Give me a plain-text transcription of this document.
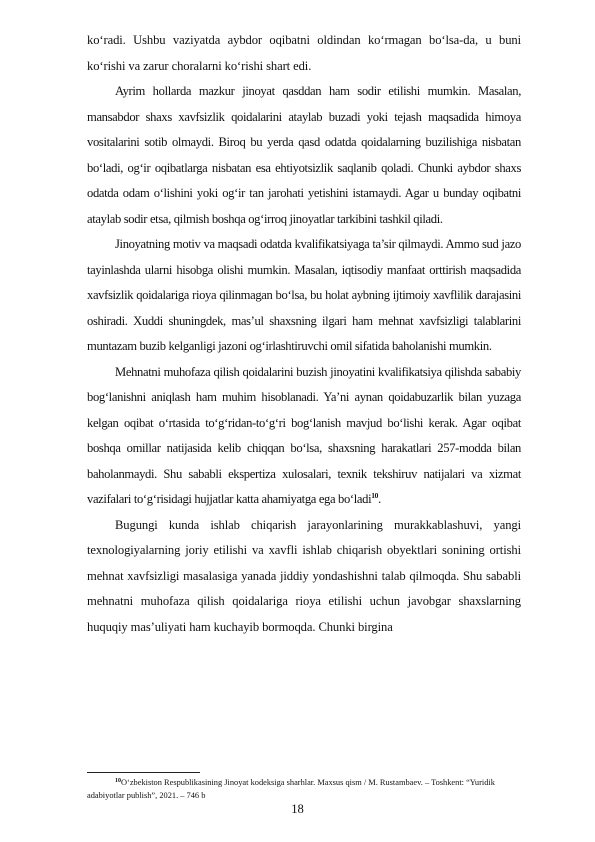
ko‘radi. Ushbu vaziyatda aybdor oqibatni oldindan ko‘rmagan bo‘lsa-da, u buni ko‘rishi va zarur choralarni ko‘rishi shart edi.

Ayrim hollarda mazkur jinoyat qasddan ham sodir etilishi mumkin. Masalan, mansabdor shaxs xavfsizlik qoidalarini ataylab buzadi yoki tejash maqsadida himoya vositalarini sotib olmaydi. Biroq bu yerda qasd odatda qoidalarning buzilishiga nisbatan bo‘ladi, og‘ir oqibatlarga nisbatan esa ehtiyotsizlik saqlanib qoladi. Chunki aybdor shaxs odatda odam o‘lishini yoki og‘ir tan jarohati yetishini istamaydi. Agar u bunday oqibatni ataylab sodir etsa, qilmish boshqa og‘irroq jinoyatlar tarkibini tashkil qiladi.

Jinoyatning motiv va maqsadi odatda kvalifikatsiyaga ta’sir qilmaydi. Ammo sud jazo tayinlashda ularni hisobga olishi mumkin. Masalan, iqtisodiy manfaat orttirish maqsadida xavfsizlik qoidalariga rioya qilinmagan bo‘lsa, bu holat aybning ijtimoiy xavflilik darajasini oshiradi. Xuddi shuningdek, mas’ul shaxsning ilgari ham mehnat xavfsizligi talablarini muntazam buzib kelganligi jazoni og‘irlashtiruvchi omil sifatida baholanishi mumkin.

Mehnatni muhofaza qilish qoidalarini buzish jinoyatini kvalifikatsiya qilishda sababiy bog‘lanishni aniqlash ham muhim hisoblanadi. Ya’ni aynan qoidabuzarlik bilan yuzaga kelgan oqibat o‘rtasida to‘g‘ridan-to‘g‘ri bog‘lanish mavjud bo‘lishi kerak. Agar oqibat boshqa omillar natijasida kelib chiqqan bo‘lsa, shaxsning harakatlari 257-modda bilan baholanmaydi. Shu sababli ekspertiza xulosalari, texnik tekshiruv natijalari va xizmat vazifalari to‘g‘risidagi hujjatlar katta ahamiyatga ega bo‘ladi$^{10}$.

Bugungi kunda ishlab chiqarish jarayonlarining murakkablashuvi, yangi texnologiyalarning joriy etilishi va xavfli ishlab chiqarish obyektlari sonining ortishi mehnat xavfsizligi masalasiga yanada jiddiy yondashishni talab qilmoqda. Shu sababli mehnatni muhofaza qilish qoidalariga rioya etilishi uchun javobgar shaxslarning huquqiy mas’uliyati ham kuchayib bormoqda. Chunki birgina

$^{10}$O‘zbekiston Respublikasining Jinoyat kodeksiga sharhlar. Maxsus qism / M. Rustambaev. – Toshkent: “Yuridik adabiyotlar publish”, 2021. – 746 b

18
